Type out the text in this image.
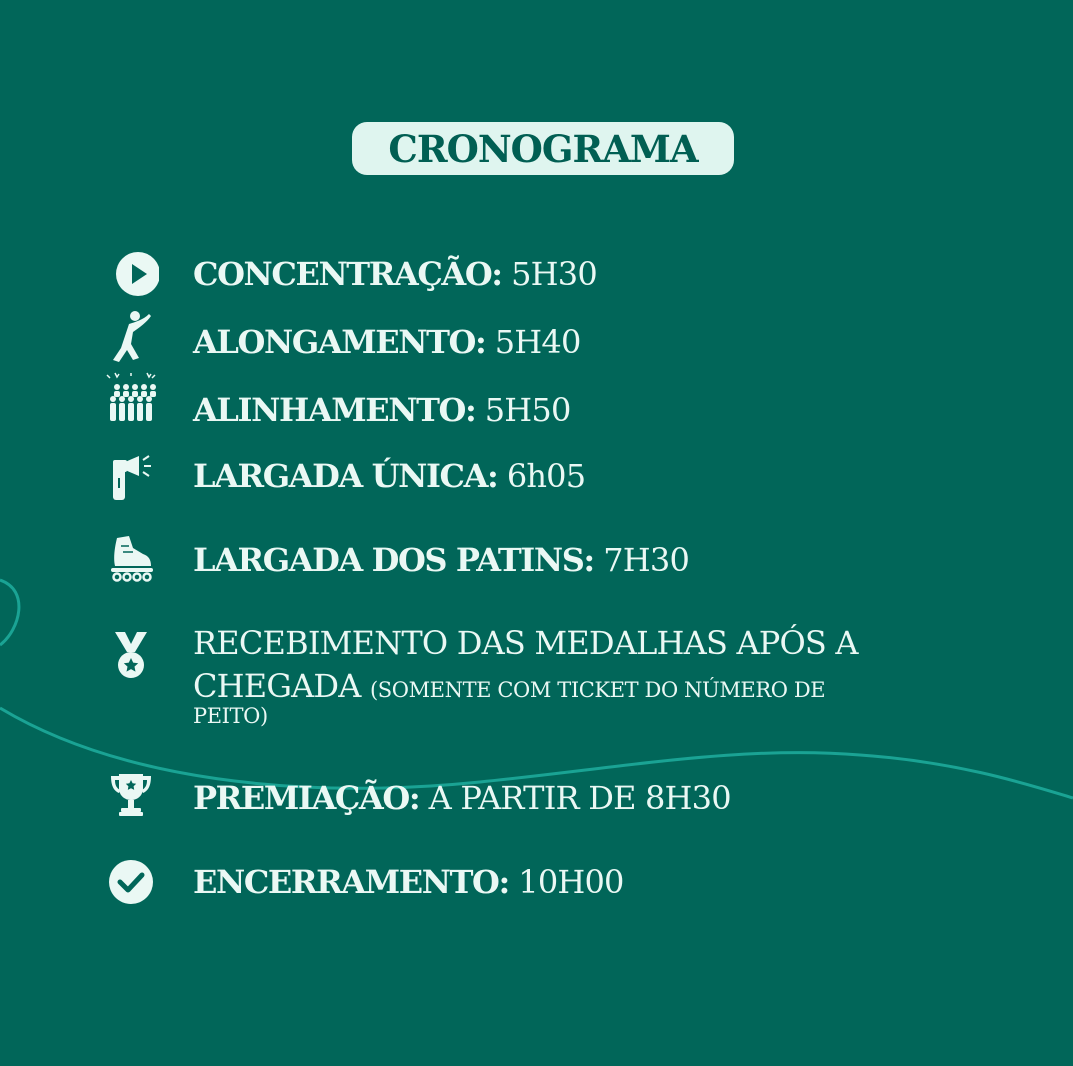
CRONOGRAMA
CONCENTRAÇÃO: 5H30
ALONGAMENTO: 5H40
ALINHAMENTO: 5H50
LARGADA ÚNICA: 6h05
LARGADA DOS PATINS: 7H30
RECEBIMENTO DAS MEDALHAS APÓS A
CHEGADA (SOMENTE COM TICKET DO NÚMERO DE
PEITO)
PREMIAÇÃO: A PARTIR DE 8H30
ENCERRAMENTO: 10H00
